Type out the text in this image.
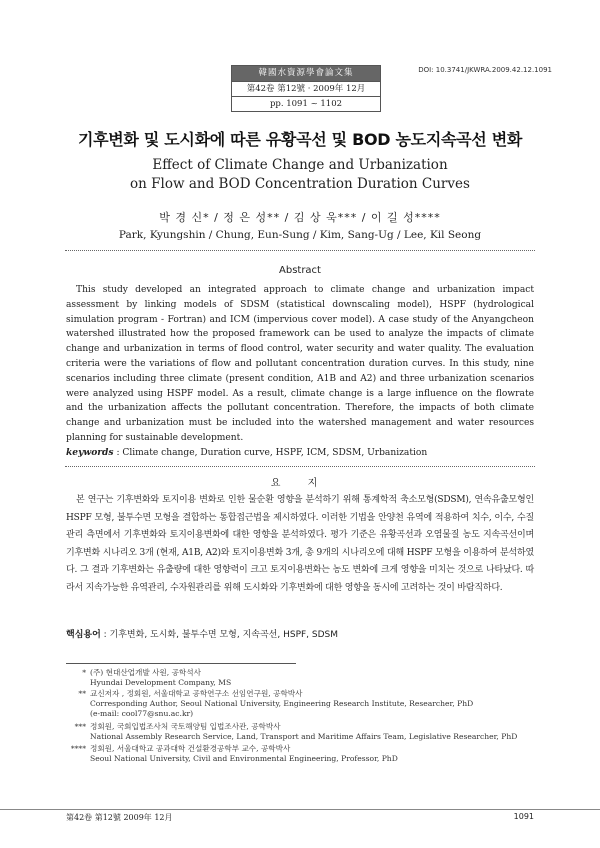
韓國水資源學會論文集
第42卷 第12號 · 2009年 12月
pp. 1091 ~ 1102
DOI: 10.3741/JKWRA.2009.42.12.1091
기후변화 및 도시화에 따른 유황곡선 및 BOD 농도지속곡선 변화
Effect of Climate Change and Urbanization
on Flow and BOD Concentration Duration Curves
박 경 신* / 정 은 성** / 김 상 욱*** / 이 길 성****
Park, Kyungshin / Chung, Eun-Sung / Kim, Sang-Ug / Lee, Kil Seong
Abstract
This study developed an integrated approach to climate change and urbanization impact assessment by linking models of SDSM (statistical downscaling model), HSPF (hydrological simulation program - Fortran) and ICM (impervious cover model). A case study of the Anyangcheon watershed illustrated how the proposed framework can be used to analyze the impacts of climate change and urbanization in terms of flood control, water security and water quality. The evaluation criteria were the variations of flow and pollutant concentration duration curves. In this study, nine scenarios including three climate (present condition, A1B and A2) and three urbanization scenarios were analyzed using HSPF model. As a result, climate change is a large influence on the flowrate and the urbanization affects the pollutant concentration. Therefore, the impacts of both climate change and urbanization must be included into the watershed management and water resources planning for sustainable development.
keywords : Climate change, Duration curve, HSPF, ICM, SDSM, Urbanization
요 지
본 연구는 기후변화와 토지이용 변화로 인한 물순환 영향을 분석하기 위해 통계학적 축소모형(SDSM), 연속유출모형인 HSPF 모형, 불투수면 모형을 결합하는 통합접근법을 제시하였다. 이러한 기법을 안양천 유역에 적용하여 치수, 이수, 수질관리 측면에서 기후변화와 토지이용변화에 대한 영향을 분석하였다. 평가 기준은 유황곡선과 오염물질 농도 지속곡선이며 기후변화 시나리오 3개 (현재, A1B, A2)와 토지이용변화 3개, 총 9개의 시나리오에 대해 HSPF 모형을 이용하여 분석하였다. 그 결과 기후변화는 유출량에 대한 영향력이 크고 토지이용변화는 농도 변화에 크게 영향을 미치는 것으로 나타났다. 따라서 지속가능한 유역관리, 수자원관리를 위해 도시화와 기후변화에 대한 영향을 동시에 고려하는 것이 바람직하다.
핵심용어 : 기후변화, 도시화, 불투수면 모형, 지속곡선, HSPF, SDSM
* (주) 현대산업개발 사원, 공학석사
Hyundai Development Company, MS
** 교신저자 , 정회원, 서울대학교 공학연구소 선임연구원, 공학박사
Corresponding Author, Seoul National University, Engineering Research Institute, Researcher, PhD
(e-mail: cool77@snu.ac.kr)
*** 정회원, 국회입법조사처 국토해양팀 입법조사관, 공학박사
National Assembly Research Service, Land, Transport and Maritime Affairs Team, Legislative Researcher, PhD
**** 정회원, 서울대학교 공과대학 건설환경공학부 교수, 공학박사
Seoul National University, Civil and Environmental Engineering, Professor, PhD
第42卷 第12號 2009年 12月	1091
